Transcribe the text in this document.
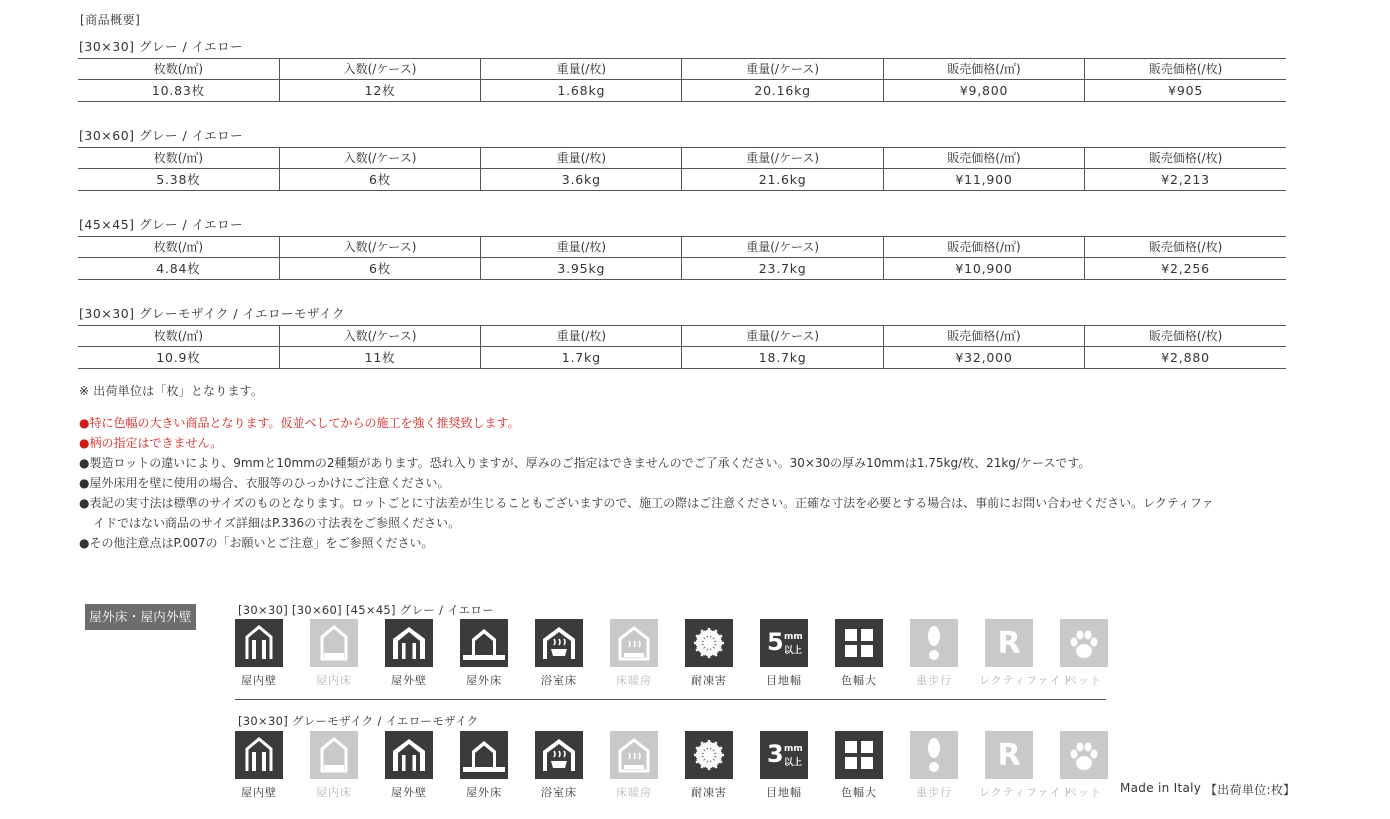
[商品概要]
[30×30] グレー / イエロー
枚数(/㎡)	入数(/ケース)	重量(/枚)	重量(/ケース)	販売価格(/㎡)	販売価格(/枚)
10.83枚	12枚	1.68kg	20.16kg	¥9,800	¥905
[30×60] グレー / イエロー
枚数(/㎡)	入数(/ケース)	重量(/枚)	重量(/ケース)	販売価格(/㎡)	販売価格(/枚)
5.38枚	6枚	3.6kg	21.6kg	¥11,900	¥2,213
[45×45] グレー / イエロー
枚数(/㎡)	入数(/ケース)	重量(/枚)	重量(/ケース)	販売価格(/㎡)	販売価格(/枚)
4.84枚	6枚	3.95kg	23.7kg	¥10,900	¥2,256
[30×30] グレーモザイク / イエローモザイク
枚数(/㎡)	入数(/ケース)	重量(/枚)	重量(/ケース)	販売価格(/㎡)	販売価格(/枚)
10.9枚	11枚	1.7kg	18.7kg	¥32,000	¥2,880
※ 出荷単位は「枚」となります。
●特に色幅の大きい商品となります。仮並べしてからの施工を強く推奨致します。
●柄の指定はできません。
●製造ロットの違いにより、9mmと10mmの2種類があります。恐れ入りますが、厚みのご指定はできませんのでご了承ください。30×30の厚み10mmは1.75kg/枚、21kg/ケースです。
●屋外床用を壁に使用の場合、衣服等のひっかけにご注意ください。
●表記の実寸法は標準のサイズのものとなります。ロットごとに寸法差が生じることもございますので、施工の際はご注意ください。正確な寸法を必要とする場合は、事前にお問い合わせください。レクティファ
イドではない商品のサイズ詳細はP.336の寸法表をご参照ください。
●その他注意点はP.007の「お願いとご注意」をご参照ください。
屋外床・屋内外壁用
[30×30] [30×60] [45×45] グレー / イエロー
屋内壁	屋内床	屋外壁	屋外床	浴室床	床暖房	耐凍害
5 mm
以上
目地幅	色幅大	重歩行
R
レクティファイド
ペット
[30×30] グレーモザイク / イエローモザイク
屋内壁	屋内床	屋外壁	屋外床	浴室床	床暖房	耐凍害
3 mm
以上
目地幅	色幅大	重歩行
R
レクティファイド
ペット	Made in Italy 【出荷単位:枚】
